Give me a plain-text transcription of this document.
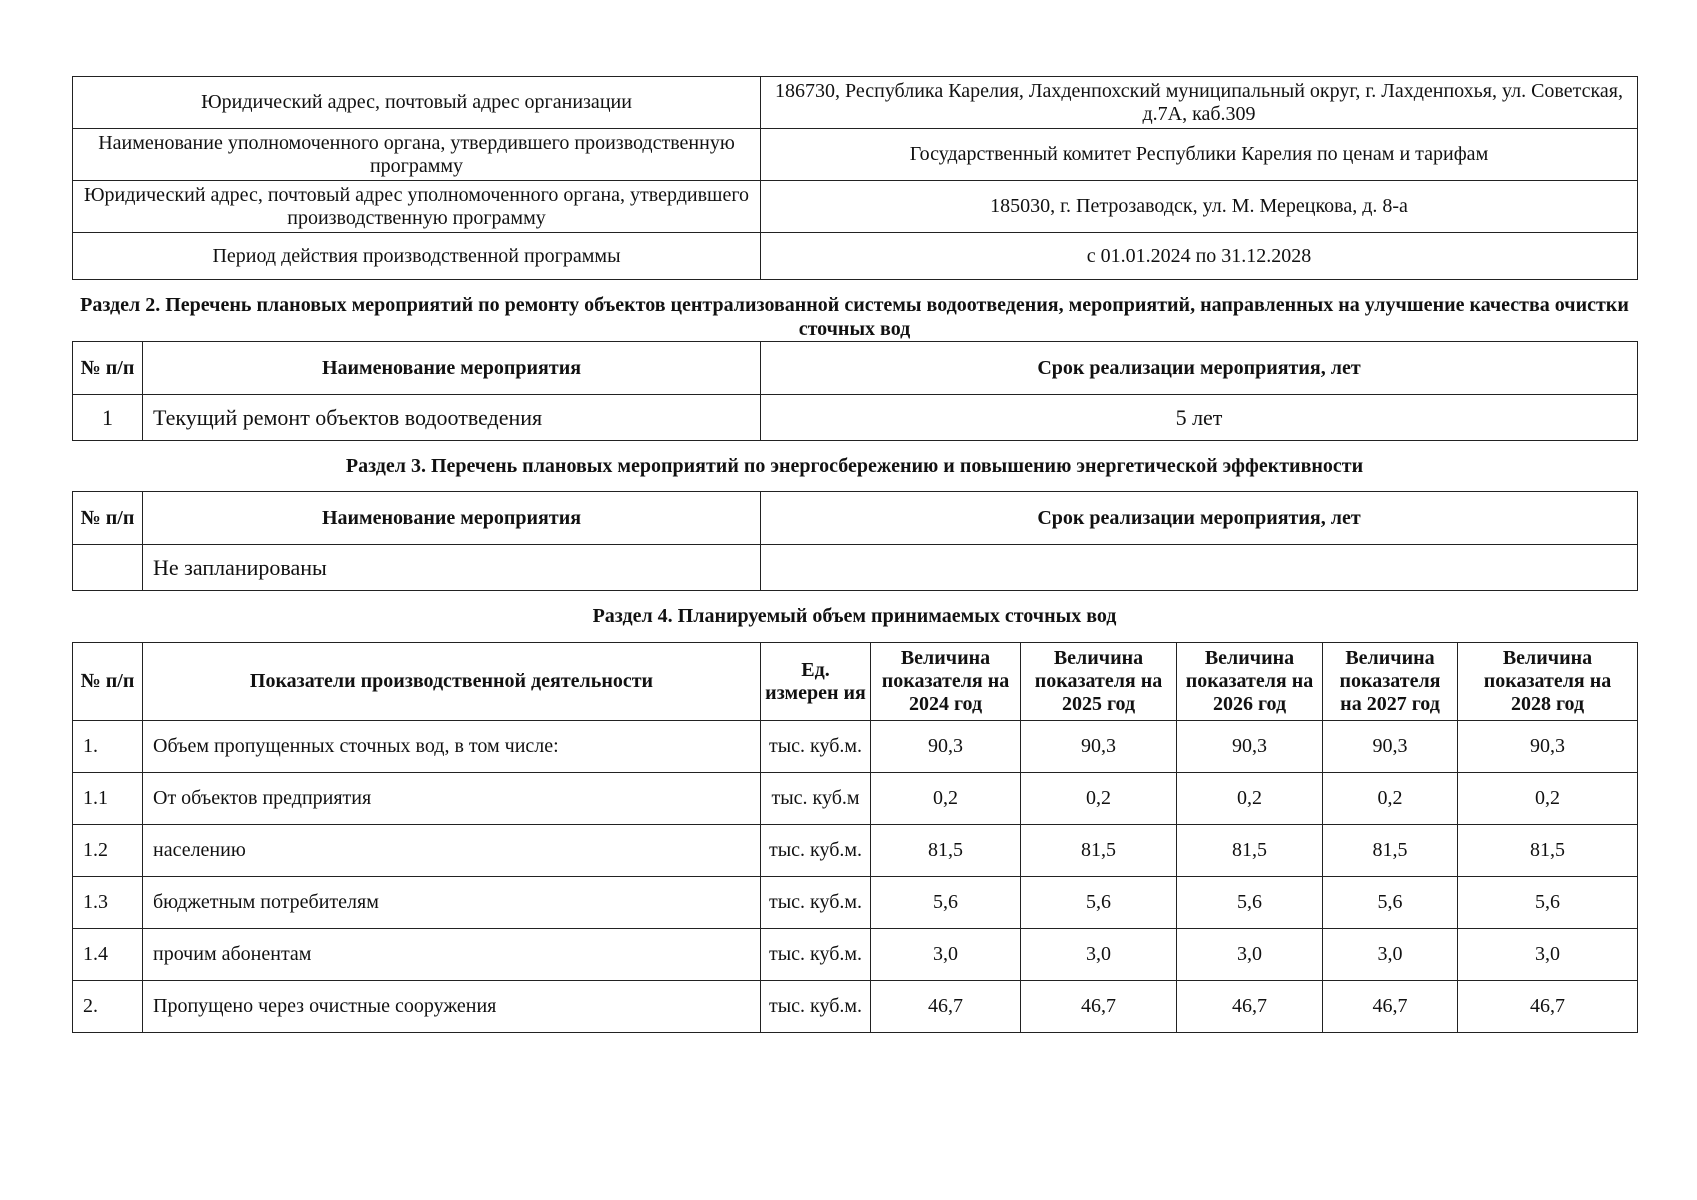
Юридический адрес, почтовый адрес организации	186730, Республика Карелия, Лахденпохский муниципальный округ, г. Лахденпохья, ул. Советская, д.7А, каб.309
Наименование уполномоченного органа, утвердившего производственную программу	Государственный комитет Республики Карелия по ценам и тарифам
Юридический адрес, почтовый адрес уполномоченного органа, утвердившего производственную программу	185030, г. Петрозаводск, ул. М. Мерецкова, д. 8-а
Период действия производственной программы	с 01.01.2024 по 31.12.2028

Раздел 2. Перечень плановых мероприятий по ремонту объектов централизованной системы водоотведения, мероприятий, направленных на улучшение качества очистки сточных вод

№ п/п	Наименование мероприятия	Срок реализации мероприятия, лет
1	Текущий ремонт объектов водоотведения	5 лет

Раздел 3. Перечень плановых мероприятий по энергосбережению и повышению энергетической эффективности

№ п/п	Наименование мероприятия	Срок реализации мероприятия, лет
	Не запланированы	

Раздел 4. Планируемый объем принимаемых сточных вод

№ п/п	Показатели производственной деятельности	Ед. измерен ия	Величина показателя на 2024 год	Величина показателя на 2025 год	Величина показателя на 2026 год	Величина показателя на 2027 год	Величина показателя на 2028 год
1.	Объем пропущенных сточных вод, в том числе:	тыс. куб.м.	90,3	90,3	90,3	90,3	90,3
1.1	От объектов предприятия	тыс. куб.м	0,2	0,2	0,2	0,2	0,2
1.2	населению	тыс. куб.м.	81,5	81,5	81,5	81,5	81,5
1.3	бюджетным потребителям	тыс. куб.м.	5,6	5,6	5,6	5,6	5,6
1.4	прочим абонентам	тыс. куб.м.	3,0	3,0	3,0	3,0	3,0
2.	Пропущено через очистные сооружения	тыс. куб.м.	46,7	46,7	46,7	46,7	46,7
